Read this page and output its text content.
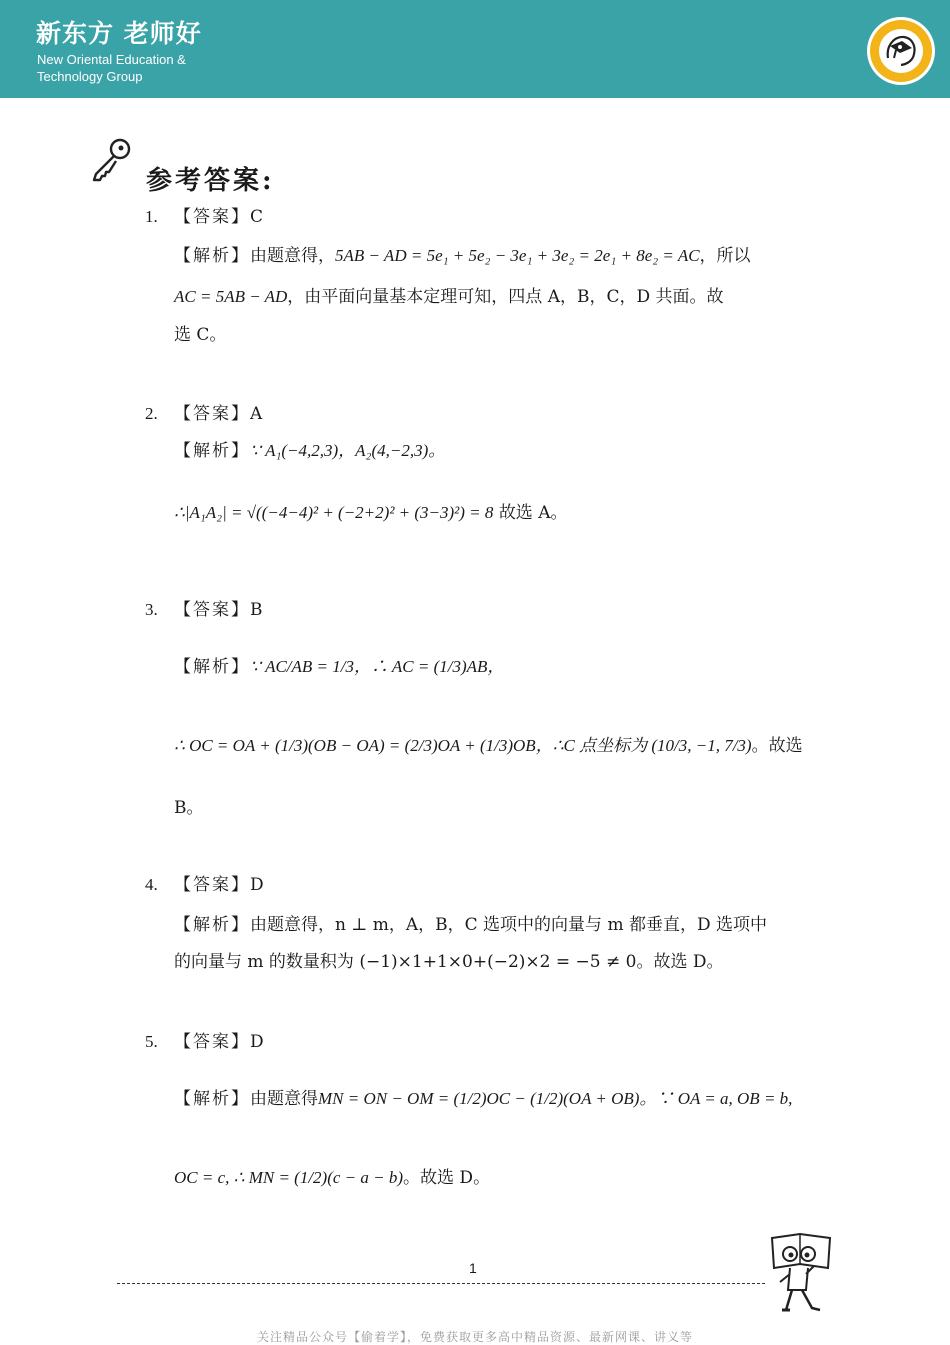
新东方 老师好
New Oriental Education &
Technology Group
参考答案:
1. 【答案】C
【解析】由题意得，5AB − AD = 5e₁ + 5e₂ − 3e₁ + 3e₂ = 2e₁ + 8e₂ = AC，所以
AC = 5AB − AD，由平面向量基本定理可知，四点 A，B，C，D 共面。故
选 C。
2. 【答案】A
【解析】∵ A₁(−4,2,3)，A₂(4,−2,3)。
∴|A₁A₂| = √((−4−4)² + (−2+2)² + (3−3)²) = 8 故选 A。
3. 【答案】B
【解析】∵ AC/AB = 1/3，∴ AC = (1/3)AB，
∴ OC = OA + (1/3)(OB − OA) = (2/3)OA + (1/3)OB，∴C 点坐标为 (10/3, −1, 7/3)。故选
B。
4. 【答案】D
【解析】由题意得，n ⊥ m，A，B，C 选项中的向量与 m 都垂直，D 选项中
的向量与 m 的数量积为 (−1)×1+1×0+(−2)×2 = −5 ≠ 0。故选 D。
5. 【答案】D
【解析】由题意得MN = ON − OM = (1/2)OC − (1/2)(OA + OB)。∵ OA = a, OB = b,
OC = c, ∴ MN = (1/2)(c − a − b)。故选 D。
1
关注精品公众号【偷着学】，免费获取更多高中精品资源、最新网课、讲义等
